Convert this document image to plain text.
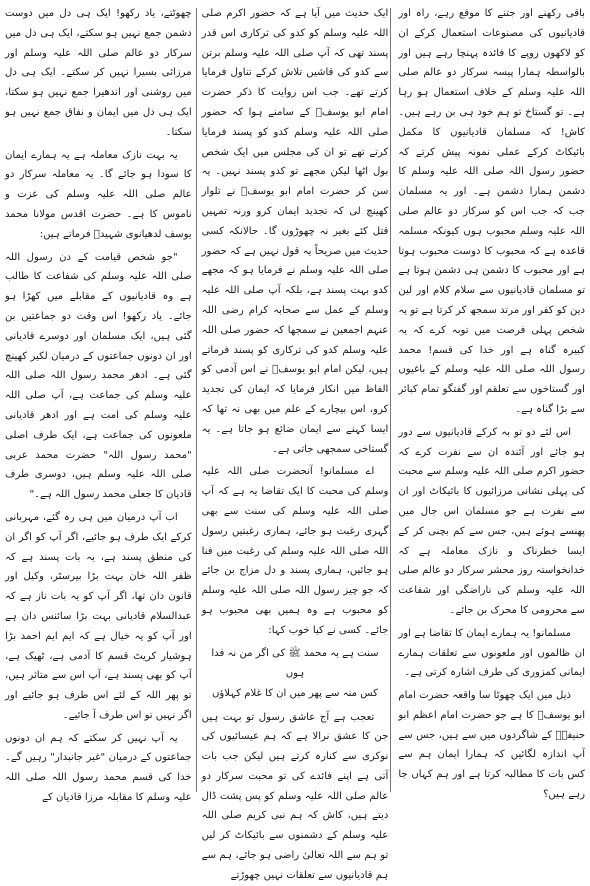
باقی رکھنے اور جتنے کا موقع رہے، راہ اور قادیانیوں کی مصنوعات استعمال کرکے ان کو لاکھوں روپے کا فائدہ پہنچا رہے ہیں اور بالواسطہ ہمارا پیسہ سرکار دو عالم صلی اللہ علیہ وسلم کے خلاف استعمال ہو رہا ہے۔ تو گستاخ تو ہم خود ہی بن رہے ہیں۔ کاش! کہ مسلمان قادیانیوں کا مکمل بائیکاٹ کرکے عملی نمونہ پیش کرتے کہ حضور رسول اللہ صلی اللہ علیہ وسلم کا دشمن ہمارا دشمن ہے۔ اور یہ مسلمان جب کہ جب اس کو سرکار دو عالم صلی اللہ علیہ وسلم محبوب ہوں کیونکہ مسلمہ قاعدہ ہے کہ محبوب کا دوست محبوب ہوتا ہے اور محبوب کا دشمن ہی دشمن ہوتا ہے تو مسلمان قادیانیوں سے سلام کلام اور لین دین کو کفر اور مرتد سمجھ کر کرتا ہے تو یہ شخص پہلی فرصت میں توبہ کرے کہ یہ کبیرہ گناہ ہے اور خدا کی قسم! محمد رسول اللہ صلی اللہ علیہ وسلم کے باغیوں اور گستاخوں سے تعلقم اور گفتگو تمام کبائر سے بڑا گناہ ہے۔

اس لئے دو تو بہ کرکے قادیانیوں سے دور ہو جائے اور آئندہ ان سے نفرت کرے کہ حضور اکرم صلی اللہ علیہ وسلم سے محبت کی پہلی نشانی مرزائیوں کا بائیکاٹ اور ان سے نفرت ہے جو مسلمان اس جال میں پھنسے ہوئے ہیں، جس سے کم بچنی کر کے ایسا خطرناک و نازک معاملہ ہے کہ خدانخواستہ روز محشر سرکار دو عالم صلی اللہ علیہ وسلم کی ناراضگی اور شفاعت سے محرومی کا محرک بن جائے۔

مسلمانو! یہ ہمارے ایمان کا تقاضا ہے اور ان ظالموں اور ملعونوں سے تعلقات ہمارے ایمانی کمزوری کی طرف اشارہ کرتی ہے۔

ذیل میں ایک چھوٹا سا واقعہ حضرت امام ابو یوسفؒ کا ہے جو حضرت امام اعظم ابو حنیفہؒ کے شاگردوں میں سے ہیں، جس سے آپ اندازہ لگائیں کہ ہمارا ایمان ہم سے کس بات کا مطالبہ کرتا ہے اور ہم کہاں جا رہے ہیں؟

ایک حدیث میں آیا ہے کہ حضور اکرم صلی اللہ علیہ وسلم کو کدو کی ترکاری اس قدر پسند تھی کہ آپ صلی اللہ علیہ وسلم برتن سے کدو کی قاشیں تلاش کرکے تناول فرمایا کرتے تھے۔ جب اس روایت کا ذکر حضرت امام ابو یوسفؒ کے سامنے ہوا کہ حضور صلی اللہ علیہ وسلم کدو کو پسند فرمایا کرتے تھے تو ان کی مجلس میں ایک شخص بول اٹھا لیکن مجھے تو کدو پسند نہیں۔ یہ سن کر حضرت امام ابو یوسفؒ نے تلوار کھینچ لی کہ تجدید ایمان کرو ورنہ تمہیں قتل کئے بغیر نہ چھوڑوں گا۔ حالانکہ کسی حدیث میں صریحاً یہ قول نہیں ہے کہ حضور صلی اللہ علیہ وسلم نے فرمایا ہو کہ مجھے کدو بہت پسند ہے، بلکہ آپ صلی اللہ علیہ وسلم کے عمل سے صحابہ کرام رضی اللہ عنہم اجمعین نے سمجھا کہ حضور صلی اللہ علیہ وسلم کدو کی ترکاری کو پسند فرماتے ہیں، لیکن امام ابو یوسفؒ نے اس آدمی کو الفاظ میں انکار فرمایا کہ ایمان کی تجدید کرو، اس بیچارے کے علم میں بھی نہ تھا کہ ایسا کہنے سے ایمان ضائع ہو جاتا ہے۔ یہ گستاخی سمجھی جاتی ہے۔

اے مسلمانو! آنحضرت صلی اللہ علیہ وسلم کی محبت کا ایک تقاضا یہ ہے کہ آپ صلی اللہ علیہ وسلم کی سنت سے بھی گہری رغبت ہو جائے، ہماری رغبتیں رسول اللہ صلی اللہ علیہ وسلم کی رغبت میں فنا ہو جائیں، ہماری پسند و دل مزاج بن جائے کہ جو چیز رسول اللہ صلی اللہ علیہ وسلم کو محبوب ہے وہ ہمیں بھی محبوب ہو جائے۔ کسی نے کیا خوب کہا:

سنت ہے یہ محمد ﷺ کی اگر من نہ فدا ہوں
کس منہ سے پھر میں ان کا غلام کہلاؤں

تعجب ہے آج عاشق رسول تو بہت ہیں جن کا عشق نرالا ہے کہ ہم عیسائیوں کی نوکری سے کنارہ کرتے ہیں لیکن جب بات آتی ہے اپنے فائدے کی تو محبت سرکار دو عالم صلی اللہ علیہ وسلم کو پس پشت ڈال دیتے ہیں، کاش کہ ہم نبی کریم صلی اللہ علیہ وسلم کے دشمنوں سے بائیکاٹ کر لیں تو ہم سے اللہ تعالیٰ راضی ہو جائے، ہم سے ہم قادیانیوں سے تعلقات نہیں چھوڑتے

چھوٹتے، یاد رکھو! ایک ہی دل میں دوست دشمن جمع نہیں ہو سکتے، ایک ہی دل میں سرکار دو عالم صلی اللہ علیہ وسلم اور مرزائی بسیرا نہیں کر سکتے۔ ایک ہی دل میں روشنی اور اندھیرا جمع نہیں ہو سکتا، ایک ہی دل میں ایمان و نفاق جمع نہیں ہو سکتا۔

یہ بہت نازک معاملہ ہے یہ ہمارے ایمان کا سودا ہو جائے گا۔ یہ معاملہ سرکار دو عالم صلی اللہ علیہ وسلم کی عزت و ناموس کا ہے۔ حضرت اقدس مولانا محمد یوسف لدھیانوی شہیدؒ فرماتے ہیں:

"جو شخص قیامت کے دن رسول اللہ صلی اللہ علیہ وسلم کی شفاعت کا طالب ہے وہ قادیانیوں کے مقابلے میں کھڑا ہو جائے۔ یاد رکھو! اس وقت دو جماعتیں بن گئی ہیں، ایک مسلمان اور دوسرے قادیانی اور ان دونوں جماعتوں کے درمیان لکیر کھینچ گئی ہے۔ ادھر محمد رسول اللہ صلی اللہ علیہ وسلم کی جماعت ہے، آپ صلی اللہ علیہ وسلم کی امت ہے اور ادھر قادیانی ملعونوں کی جماعت ہے، ایک طرف اصلی "محمد رسول اللہ" حضرت محمد عربی صلی اللہ علیہ وسلم ہیں، دوسری طرف قادیان کا جعلی محمد رسول اللہ ہے۔"

اب آپ درمیان میں ہی رہ گئے، مہربانی کرکے ایک طرف ہو جائیے، اگر آپ کو اگر ان کی منطق پسند ہے، یہ بات پسند ہے کہ ظفر اللہ خان بہت بڑا بیرسٹر، وکیل اور قانون دان تھا، اگر آپ کو یہ بات ناز ہے کہ عبدالسلام قادیانی بہت بڑا سائنس دان ہے اور آپ کو یہ خیال ہے کہ ایم ایم احمد بڑا ہوشیار کریٹ قسم کا آدمی ہے، ٹھیک ہے، آپ کو بھی پسند ہے، آپ اس سے متاثر ہیں، تو پھر اللہ کے لئے اس طرف ہو جائیے اور اگر نہیں تو اس طرف آ جائیے۔

یہ آپ نہیں کر سکتے کہ ہم ان دونوں جماعتوں کے درمیان "غیر جانبدار" رہیں گے۔ خدا کی قسم محمد رسول اللہ صلی اللہ علیہ وسلم کا مقابلہ مرزا قادیان کے
